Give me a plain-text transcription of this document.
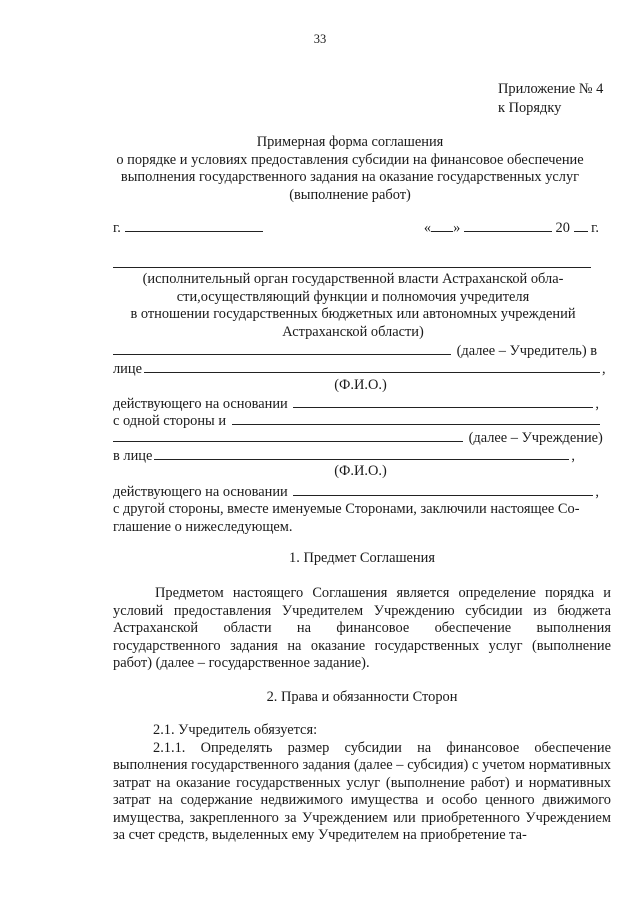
33
Приложение № 4
к Порядку
Примерная форма соглашения
о порядке и условиях предоставления субсидии на финансовое обеспечение
выполнения государственного задания на оказание государственных услуг
(выполнение работ)
г.	« »	20 г.
(исполнительный орган государственной власти Астраханской обла-
сти,осуществляющий функции и полномочия учредителя
в отношении государственных бюджетных или автономных учреждений
Астраханской области)
(далее – Учредитель) в
лице	,
(Ф.И.О.)
действующего на основании	,
с одной стороны и
(далее – Учреждение)
в лице	,
(Ф.И.О.)
действующего на основании	,
с другой стороны, вместе именуемые Сторонами, заключили настоящее Со-
глашение о нижеследующем.
1. Предмет Соглашения

Предметом настоящего Соглашения является определение порядка и условий предоставления Учредителем Учреждению субсидии из бюджета Астраханской области на финансовое обеспечение выполнения государственного задания на оказание государственных услуг (выполнение работ) (далее – государственное задание).

2. Права и обязанности Сторон

2.1. Учредитель обязуется:

2.1.1. Определять размер субсидии на финансовое обеспечение выполнения государственного задания (далее – субсидия) с учетом нормативных затрат на оказание государственных услуг (выполнение работ) и нормативных затрат на содержание недвижимого имущества и особо ценного движимого имущества, закрепленного за Учреждением или приобретенного Учреждением за счет средств, выделенных ему Учредителем на приобретение та-
